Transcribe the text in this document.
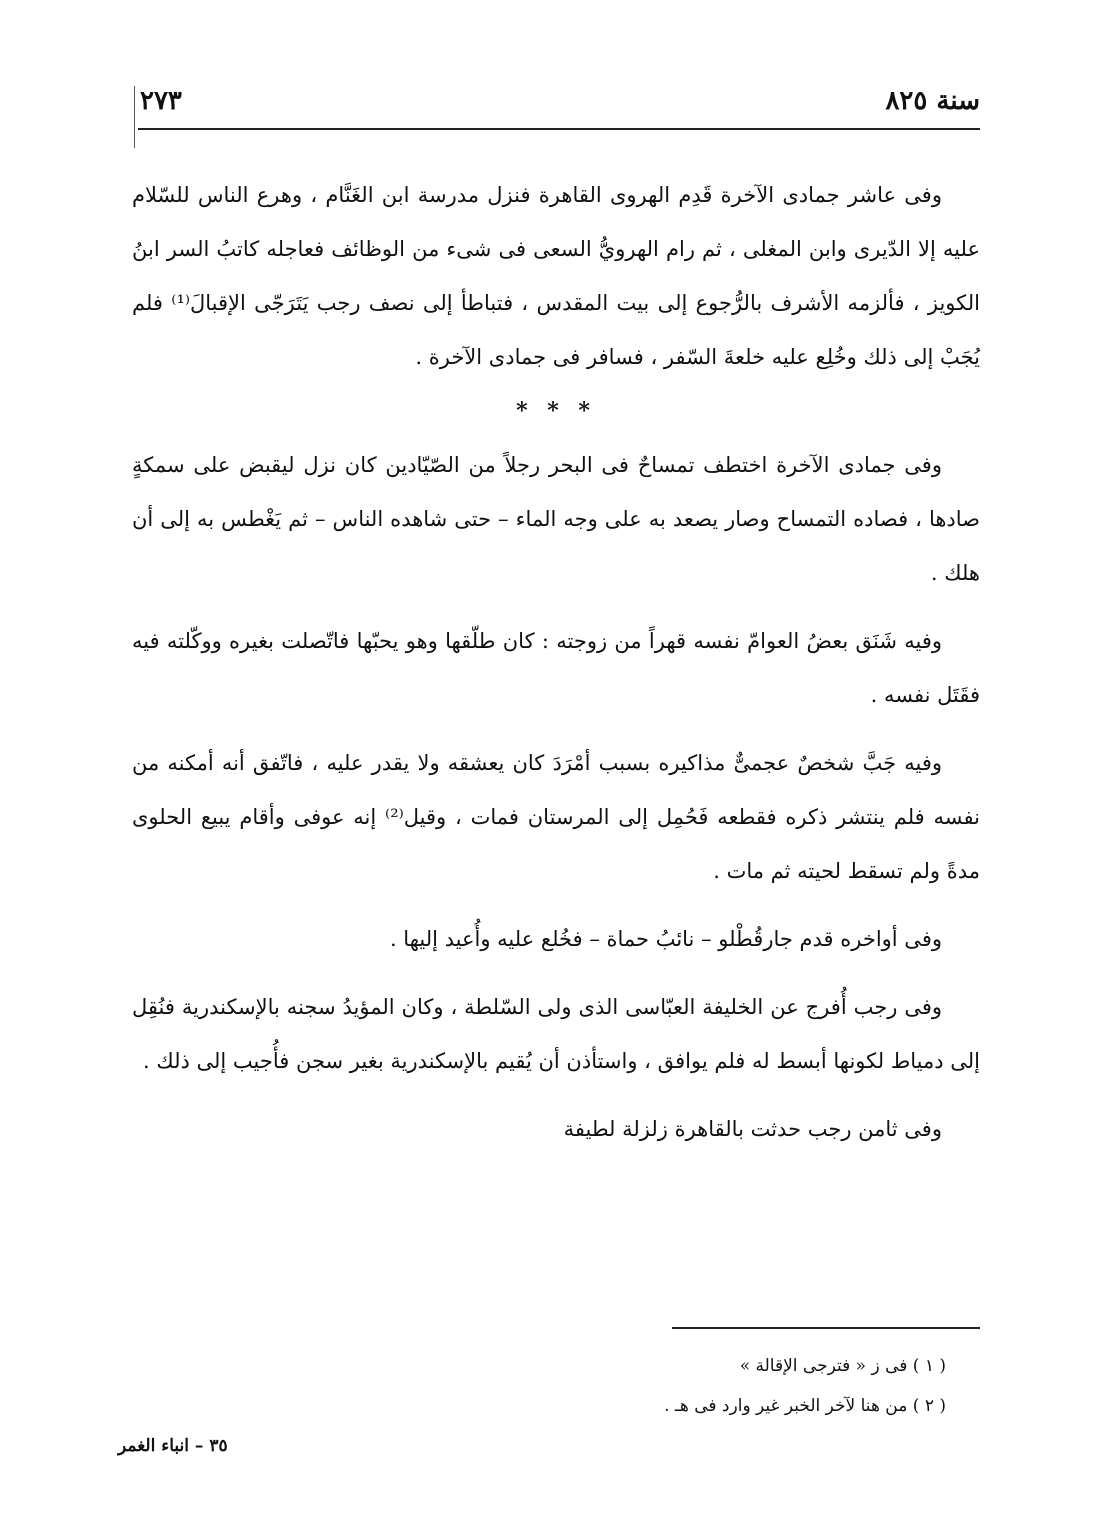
سنة ٨٢٥
٢٧٣

وفى عاشر جمادى الآخرة قَدِم الهروى القاهرة فنزل مدرسة ابن الغَنَّام ، وهرع الناس للسّلام عليه إلا الدّيرى وابن المغلى ، ثم رام الهرويُّ السعى فى شىء من الوظائف فعاجله كاتبُ السر ابنُ الكويز ، فألزمه الأشرف بالرُّجوع إلى بيت المقدس ، فتباطأ إلى نصف رجب يَتَرَجّى الإقبالَ⁽¹⁾ فلم يُجَبْ إلى ذلك وخُلِع عليه خلعةَ السّفر ، فسافر فى جمادى الآخرة .

* * *

وفى جمادى الآخرة اختطف تمساحٌ فى البحر رجلاً من الصّيّادين كان نزل ليقبض على سمكةٍ صادها ، فصاده التمساح وصار يصعد به على وجه الماء – حتى شاهده الناس – ثم يَغْطس به إلى أن هلك .

وفيه شَنَق بعضُ العوامّ نفسه قهراً من زوجته : كان طلّقها وهو يحبّها فاتّصلت بغيره ووكّلته فيه فقَتَل نفسه .

وفيه جَبَّ شخصٌ عجمىٌّ مذاكيره بسبب أمْرَدَ كان يعشقه ولا يقدر عليه ، فاتّفق أنه أمكنه من نفسه فلم ينتشر ذكره فقطعه فَحُمِل إلى المرستان فمات ، وقيل⁽²⁾ إنه عوفى وأقام يبيع الحلوى مدةً ولم تسقط لحيته ثم مات .

وفى أواخره قدم جارقُطْلو – نائبُ حماة – فخُلع عليه وأُعيد إليها .

وفى رجب أُفرج عن الخليفة العبّاسى الذى ولى السّلطة ، وكان المؤيدُ سجنه بالإسكندرية فنُقِل إلى دمياط لكونها أبسط له فلم يوافق ، واستأذن أن يُقيم بالإسكندرية بغير سجن فأُجيب إلى ذلك .

وفى ثامن رجب حدثت بالقاهرة زلزلة لطيفة

( ١ ) فى ز « فترجى الإقالة »
( ٢ ) من هنا لآخر الخبر غير وارد فى هـ .
٣٥ – انباء الغمر
